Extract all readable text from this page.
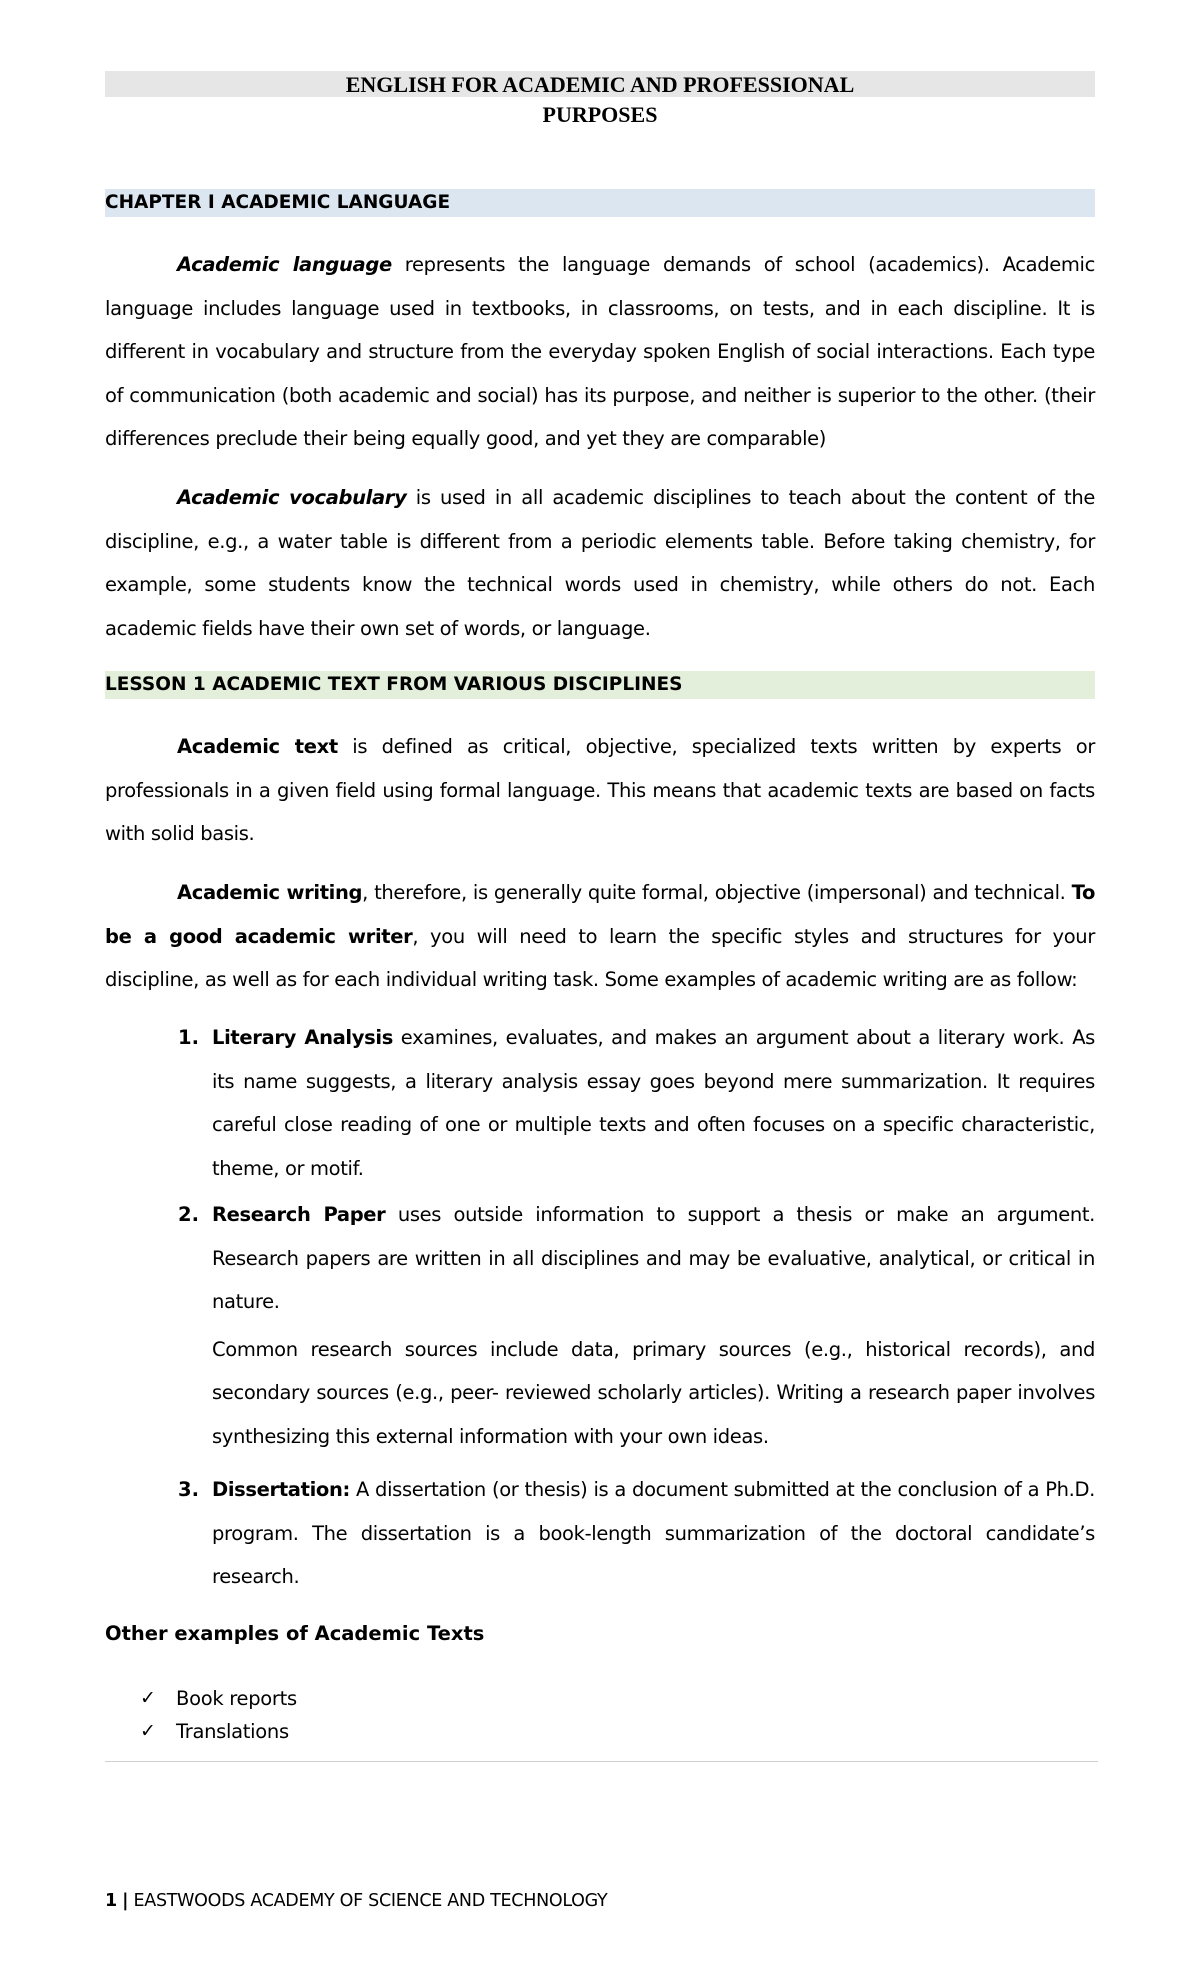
ENGLISH FOR ACADEMIC AND PROFESSIONAL
PURPOSES
CHAPTER I ACADEMIC LANGUAGE

Academic language represents the language demands of school (academics). Academic language includes language used in textbooks, in classrooms, on tests, and in each discipline. It is different in vocabulary and structure from the everyday spoken English of social interactions. Each type of communication (both academic and social) has its purpose, and neither is superior to the other. (their differences preclude their being equally good, and yet they are comparable)

Academic vocabulary is used in all academic disciplines to teach about the content of the discipline, e.g., a water table is different from a periodic elements table. Before taking chemistry, for example, some students know the technical words used in chemistry, while others do not. Each academic fields have their own set of words, or language.

LESSON 1 ACADEMIC TEXT FROM VARIOUS DISCIPLINES

Academic text is defined as critical, objective, specialized texts written by experts or professionals in a given field using formal language. This means that academic texts are based on facts with solid basis.

Academic writing, therefore, is generally quite formal, objective (impersonal) and technical. To be a good academic writer, you will need to learn the specific styles and structures for your discipline, as well as for each individual writing task. Some examples of academic writing are as follow:

1. Literary Analysis examines, evaluates, and makes an argument about a literary work. As its name suggests, a literary analysis essay goes beyond mere summarization. It requires careful close reading of one or multiple texts and often focuses on a specific characteristic, theme, or motif.
2. Research Paper uses outside information to support a thesis or make an argument. Research papers are written in all disciplines and may be evaluative, analytical, or critical in nature.
Common research sources include data, primary sources (e.g., historical records), and secondary sources (e.g., peer- reviewed scholarly articles). Writing a research paper involves synthesizing this external information with your own ideas.
3. Dissertation: A dissertation (or thesis) is a document submitted at the conclusion of a Ph.D. program. The dissertation is a book-length summarization of the doctoral candidate’s research.
Other examples of Academic Texts
✓ Book reports
✓ Translations
1 | EASTWOODS ACADEMY OF SCIENCE AND TECHNOLOGY
